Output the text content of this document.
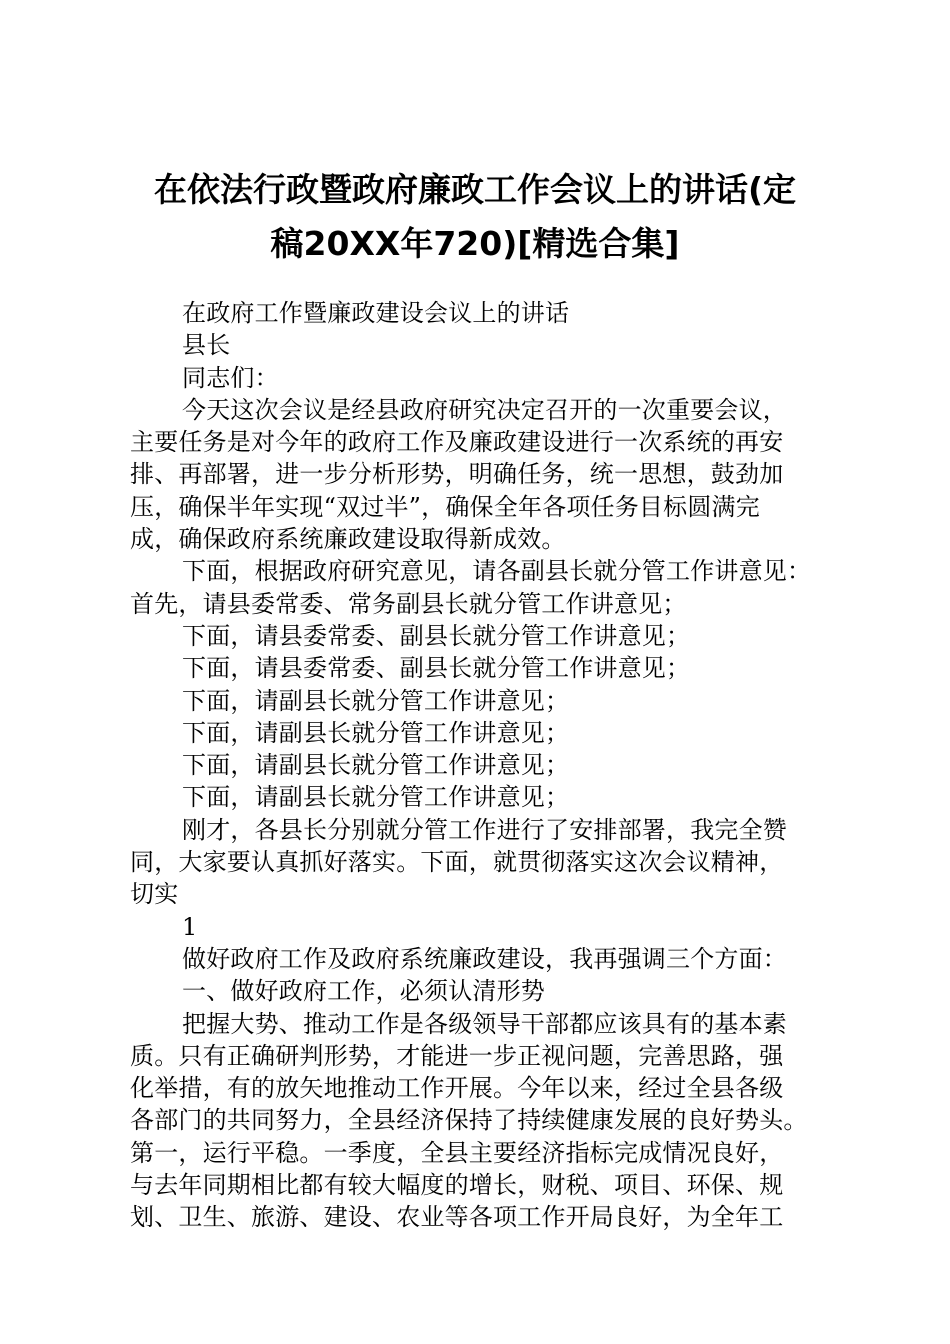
在依法行政暨政府廉政工作会议上的讲话(定
稿20XX年720)[精选合集]
在政府工作暨廉政建设会议上的讲话
县长
同志们：
今天这次会议是经县政府研究决定召开的一次重要会议，
主要任务是对今年的政府工作及廉政建设进行一次系统的再安
排、再部署，进一步分析形势，明确任务，统一思想，鼓劲加
压，确保半年实现“双过半”，确保全年各项任务目标圆满完
成，确保政府系统廉政建设取得新成效。
下面，根据政府研究意见，请各副县长就分管工作讲意见：
首先，请县委常委、常务副县长就分管工作讲意见；
下面，请县委常委、副县长就分管工作讲意见；
下面，请县委常委、副县长就分管工作讲意见；
下面，请副县长就分管工作讲意见；
下面，请副县长就分管工作讲意见；
下面，请副县长就分管工作讲意见；
下面，请副县长就分管工作讲意见；
刚才，各县长分别就分管工作进行了安排部署，我完全赞
同，大家要认真抓好落实。下面，就贯彻落实这次会议精神，
切实
1
做好政府工作及政府系统廉政建设，我再强调三个方面：
一、做好政府工作，必须认清形势
把握大势、推动工作是各级领导干部都应该具有的基本素
质。只有正确研判形势，才能进一步正视问题，完善思路，强
化举措，有的放矢地推动工作开展。今年以来，经过全县各级
各部门的共同努力，全县经济保持了持续健康发展的良好势头。
第一，运行平稳。一季度，全县主要经济指标完成情况良好，
与去年同期相比都有较大幅度的增长，财税、项目、环保、规
划、卫生、旅游、建设、农业等各项工作开局良好，为全年工
